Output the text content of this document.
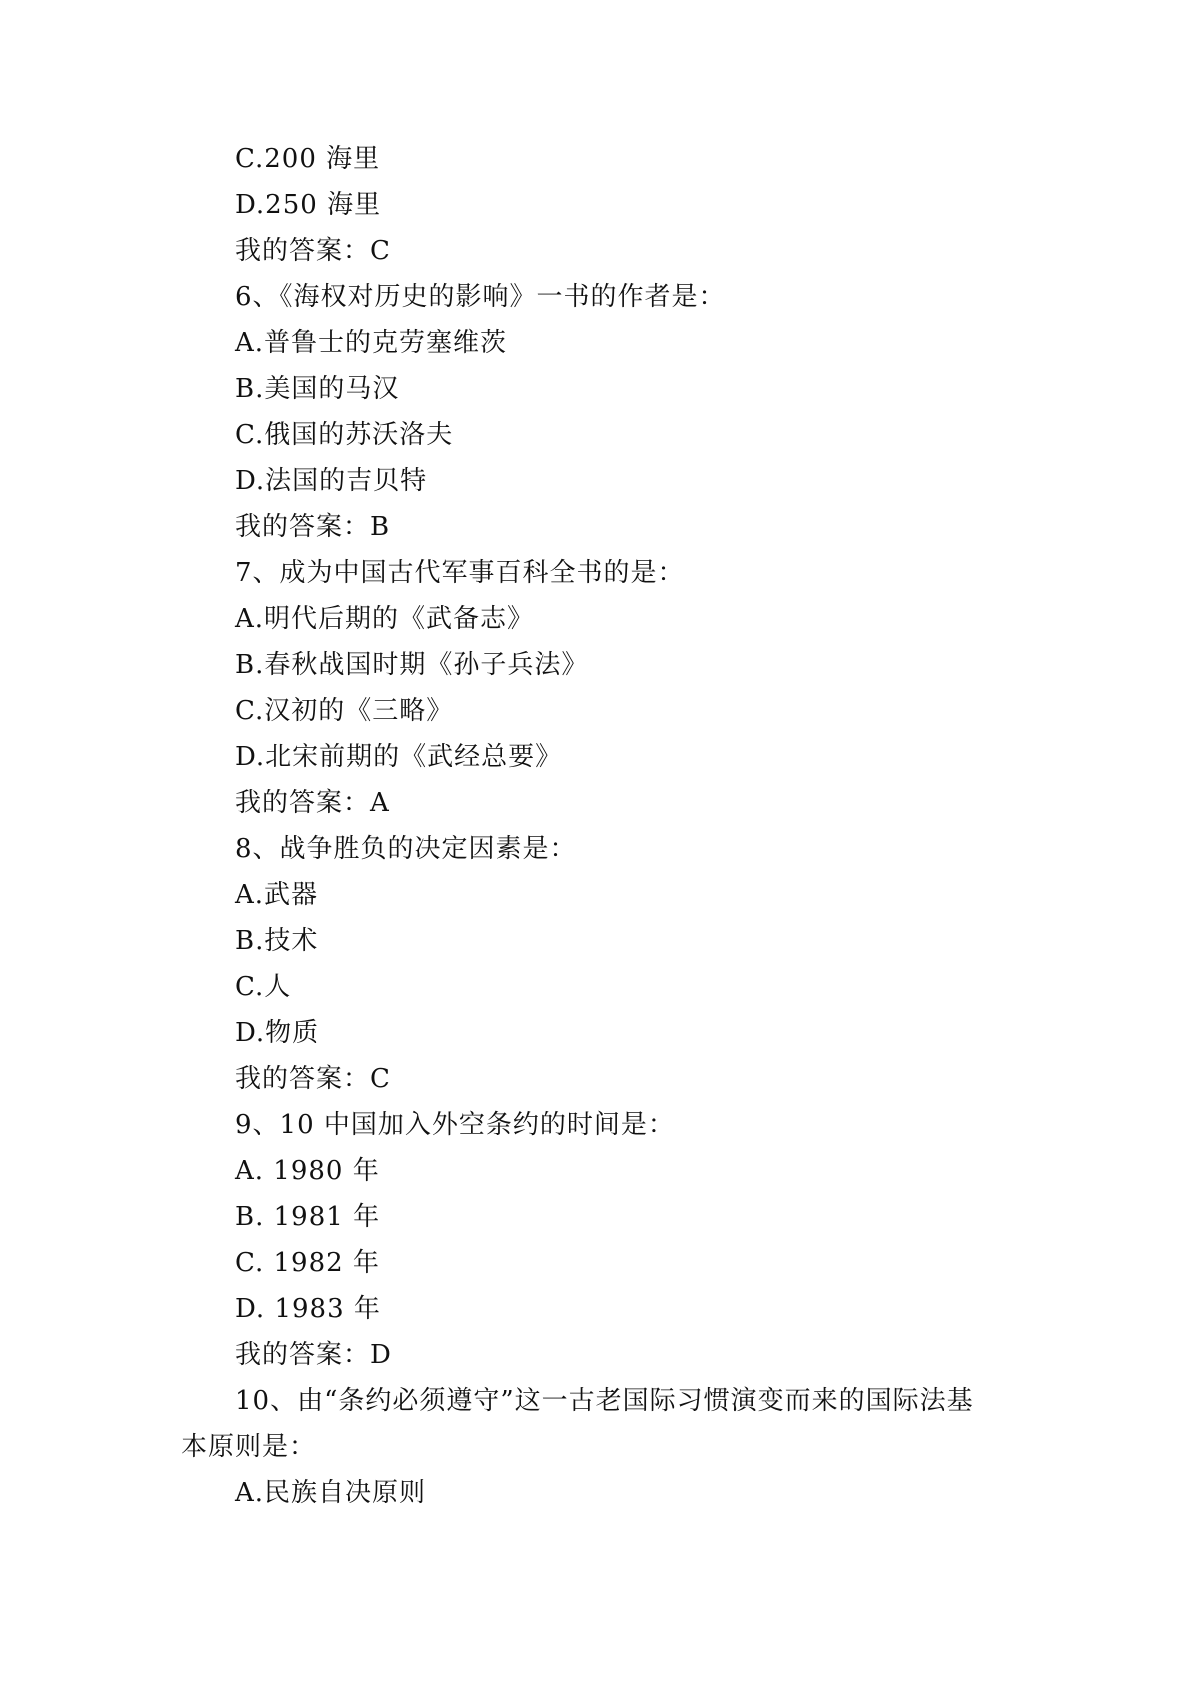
C.200 海里
D.250 海里
我的答案：C
6、《海权对历史的影响》一书的作者是：
A.普鲁士的克劳塞维茨
B.美国的马汉
C.俄国的苏沃洛夫
D.法国的吉贝特
我的答案：B
7、成为中国古代军事百科全书的是：
A.明代后期的《武备志》
B.春秋战国时期《孙子兵法》
C.汉初的《三略》
D.北宋前期的《武经总要》
我的答案：A
8、战争胜负的决定因素是：
A.武器
B.技术
C.人
D.物质
我的答案：C
9、10 中国加入外空条约的时间是：
A. 1980 年
B. 1981 年
C. 1982 年
D. 1983 年
我的答案：D
10、由“条约必须遵守”这一古老国际习惯演变而来的国际法基
本原则是：
A.民族自决原则
